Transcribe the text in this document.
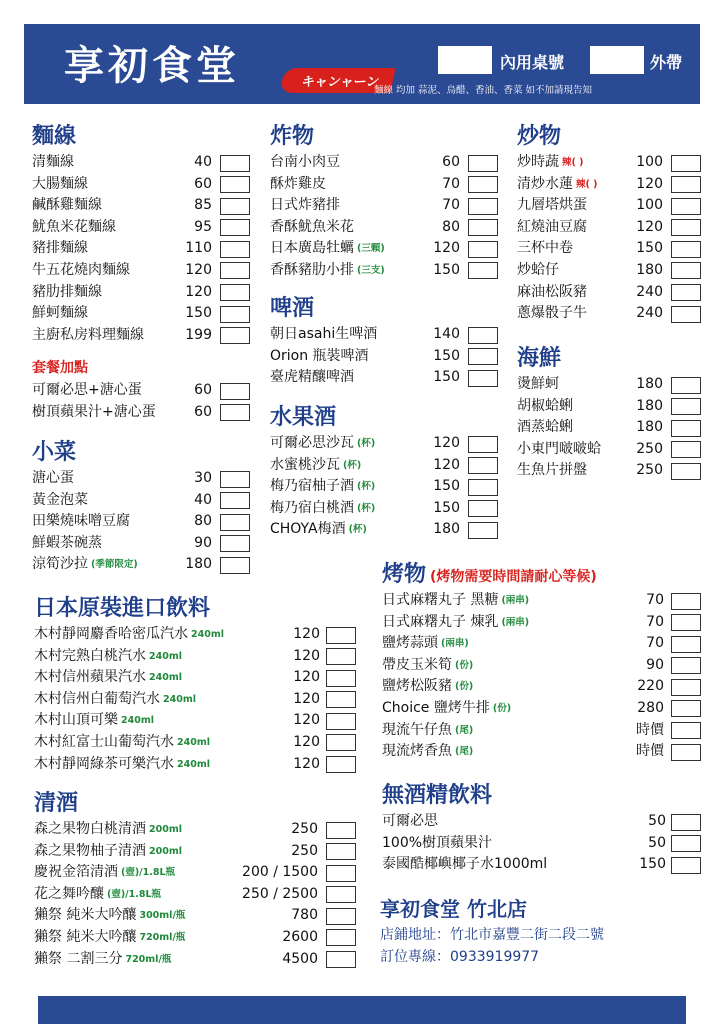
享初食堂	キャンャーン
內用桌號	外帶
麵線 均加 蒜泥、烏醋、香油、香菜 如不加請現告知
麵線
清麵線	40
大腸麵線	60
鹹酥雞麵線	85
魷魚米花麵線	95
豬排麵線	110
牛五花燒肉麵線	120
豬肋排麵線	120
鮮蚵麵線	150
主廚私房料理麵線	199
套餐加點
可爾必思+溏心蛋	60
樹頂蘋果汁+溏心蛋	60
小菜
溏心蛋	30
黃金泡菜	40
田樂燒味噌豆腐	80
鮮蝦茶碗蒸	90
涼筍沙拉 (季節限定)	180
炸物
台南小肉豆	60
酥炸雞皮	70
日式炸豬排	70
香酥魷魚米花	80
日本廣島牡蠣 (三顆)	120
香酥豬肋小排 (三支)	150
啤酒
朝日asahi生啤酒	140
Orion 瓶裝啤酒	150
臺虎精釀啤酒	150
水果酒
可爾必思沙瓦 (杯)	120
水蜜桃沙瓦 (杯)	120
梅乃宿柚子酒 (杯)	150
梅乃宿白桃酒 (杯)	150
CHOYA梅酒 (杯)	180
炒物
炒時蔬 辣( )	100
清炒水蓮 辣( )	120
九層塔烘蛋	100
紅燒油豆腐	120
三杯中卷	150
炒蛤仔	180
麻油松阪豬	240
蔥爆骰子牛	240
海鮮
燙鮮蚵	180
胡椒蛤蜊	180
酒蒸蛤蜊	180
小東門啵啵蛤	250
生魚片拼盤	250
日本原裝進口飲料
木村靜岡麝香哈密瓜汽水 240ml	120
木村完熟白桃汽水 240ml	120
木村信州蘋果汽水 240ml	120
木村信州白葡萄汽水 240ml	120
木村山頂可樂 240ml	120
木村紅富士山葡萄汽水 240ml	120
木村靜岡綠茶可樂汽水 240ml	120
清酒
森之果物白桃清酒 200ml	250
森之果物柚子清酒 200ml	250
慶祝金箔清酒 (壺)/1.8L瓶	200 / 1500
花之舞吟釀 (壺)/1.8L瓶	250 / 2500
獺祭 純米大吟釀 300ml/瓶	780
獺祭 純米大吟釀 720ml/瓶	2600
獺祭 二割三分 720ml/瓶	4500
烤物 (烤物需要時間請耐心等候)
日式麻糬丸子 黑糖 (兩串)	70
日式麻糬丸子 煉乳 (兩串)	70
鹽烤蒜頭 (兩串)	70
帶皮玉米筍 (份)	90
鹽烤松阪豬 (份)	220
Choice 鹽烤牛排 (份)	280
現流午仔魚 (尾)	時價
現流烤香魚 (尾)	時價
無酒精飲料
可爾必思	50
100%樹頂蘋果汁	50
泰國酷椰嶼椰子水1000ml	150
享初食堂 竹北店
店鋪地址：竹北市嘉豐二街二段二號
訂位專線：0933919977
